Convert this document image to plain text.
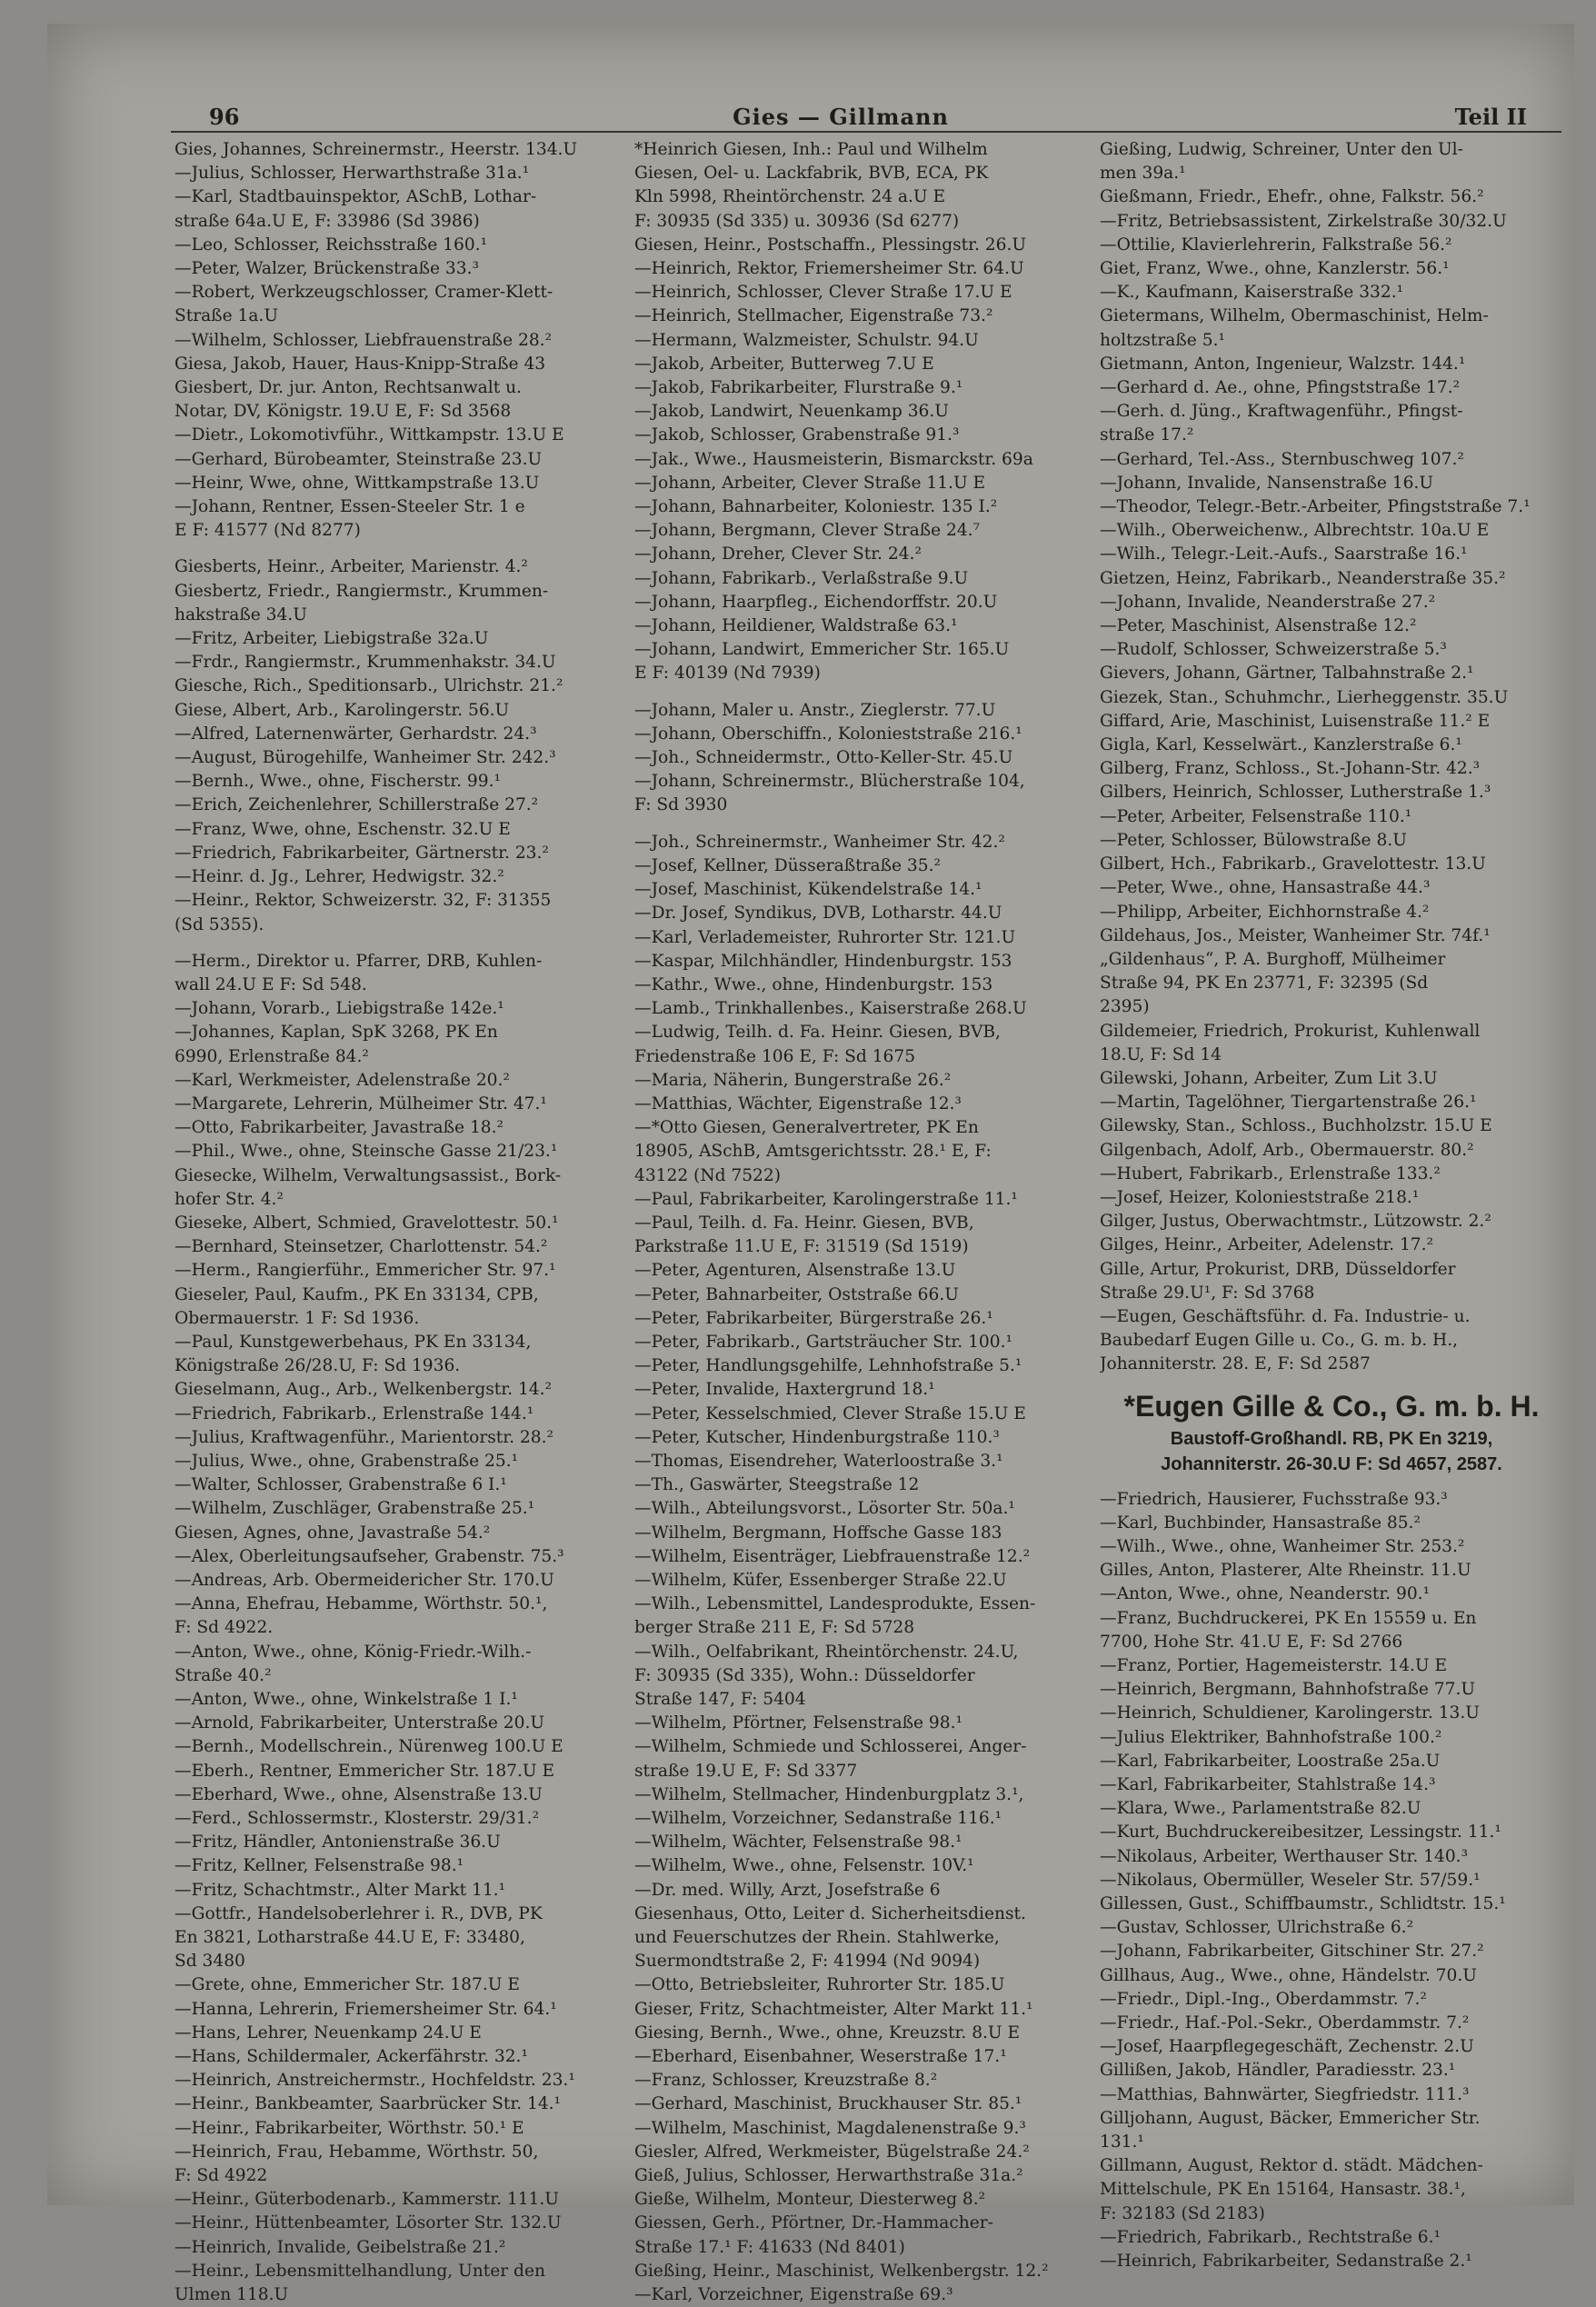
96	Gies — Gillmann	Teil II
Gies, Johannes, Schreinermstr., Heerstr. 134.U
—Julius, Schlosser, Herwarthstraße 31a.¹
—Karl, Stadtbauinspektor, ASchB, Lothar-
straße 64a.U E, F: 33986 (Sd 3986)
—Leo, Schlosser, Reichsstraße 160.¹
—Peter, Walzer, Brückenstraße 33.³
—Robert, Werkzeugschlosser, Cramer-Klett-
Straße 1a.U
—Wilhelm, Schlosser, Liebfrauenstraße 28.²
Giesa, Jakob, Hauer, Haus-Knipp-Straße 43
Giesbert, Dr. jur. Anton, Rechtsanwalt u.
Notar, DV, Königstr. 19.U E, F: Sd 3568
—Dietr., Lokomotivführ., Wittkampstr. 13.U E
—Gerhard, Bürobeamter, Steinstraße 23.U
—Heinr, Wwe, ohne, Wittkampstraße 13.U
—Johann, Rentner, Essen-Steeler Str. 1 e
E F: 41577 (Nd 8277)
Giesberts, Heinr., Arbeiter, Marienstr. 4.²
Giesbertz, Friedr., Rangiermstr., Krummen-
hakstraße 34.U
—Fritz, Arbeiter, Liebigstraße 32a.U
—Frdr., Rangiermstr., Krummenhakstr. 34.U
Giesche, Rich., Speditionsarb., Ulrichstr. 21.²
Giese, Albert, Arb., Karolingerstr. 56.U
—Alfred, Laternenwärter, Gerhardstr. 24.³
—August, Bürogehilfe, Wanheimer Str. 242.³
—Bernh., Wwe., ohne, Fischerstr. 99.¹
—Erich, Zeichenlehrer, Schillerstraße 27.²
—Franz, Wwe, ohne, Eschenstr. 32.U E
—Friedrich, Fabrikarbeiter, Gärtnerstr. 23.²
—Heinr. d. Jg., Lehrer, Hedwigstr. 32.²
—Heinr., Rektor, Schweizerstr. 32, F: 31355
(Sd 5355).
—Herm., Direktor u. Pfarrer, DRB, Kuhlen-
wall 24.U E F: Sd 548.
—Johann, Vorarb., Liebigstraße 142e.¹
—Johannes, Kaplan, SpK 3268, PK En
6990, Erlenstraße 84.²
—Karl, Werkmeister, Adelenstraße 20.²
—Margarete, Lehrerin, Mülheimer Str. 47.¹
—Otto, Fabrikarbeiter, Javastraße 18.²
—Phil., Wwe., ohne, Steinsche Gasse 21/23.¹
Giesecke, Wilhelm, Verwaltungsassist., Bork-
hofer Str. 4.²
Gieseke, Albert, Schmied, Gravelottestr. 50.¹
—Bernhard, Steinsetzer, Charlottenstr. 54.²
—Herm., Rangierführ., Emmericher Str. 97.¹
Gieseler, Paul, Kaufm., PK En 33134, CPB,
Obermauerstr. 1 F: Sd 1936.
—Paul, Kunstgewerbehaus, PK En 33134,
Königstraße 26/28.U, F: Sd 1936.
Gieselmann, Aug., Arb., Welkenbergstr. 14.²
—Friedrich, Fabrikarb., Erlenstraße 144.¹
—Julius, Kraftwagenführ., Marientorstr. 28.²
—Julius, Wwe., ohne, Grabenstraße 25.¹
—Walter, Schlosser, Grabenstraße 6 I.¹
—Wilhelm, Zuschläger, Grabenstraße 25.¹
Giesen, Agnes, ohne, Javastraße 54.²
—Alex, Oberleitungsaufseher, Grabenstr. 75.³
—Andreas, Arb. Obermeidericher Str. 170.U
—Anna, Ehefrau, Hebamme, Wörthstr. 50.¹,
F: Sd 4922.
—Anton, Wwe., ohne, König-Friedr.-Wilh.-
Straße 40.²
—Anton, Wwe., ohne, Winkelstraße 1 I.¹
—Arnold, Fabrikarbeiter, Unterstraße 20.U
—Bernh., Modellschrein., Nürenweg 100.U E
—Eberh., Rentner, Emmericher Str. 187.U E
—Eberhard, Wwe., ohne, Alsenstraße 13.U
—Ferd., Schlossermstr., Klosterstr. 29/31.²
—Fritz, Händler, Antonienstraße 36.U
—Fritz, Kellner, Felsenstraße 98.¹
—Fritz, Schachtmstr., Alter Markt 11.¹
—Gottfr., Handelsoberlehrer i. R., DVB, PK
En 3821, Lotharstraße 44.U E, F: 33480,
Sd 3480
—Grete, ohne, Emmericher Str. 187.U E
—Hanna, Lehrerin, Friemersheimer Str. 64.¹
—Hans, Lehrer, Neuenkamp 24.U E
—Hans, Schildermaler, Ackerfährstr. 32.¹
—Heinrich, Anstreichermstr., Hochfeldstr. 23.¹
—Heinr., Bankbeamter, Saarbrücker Str. 14.¹
—Heinr., Fabrikarbeiter, Wörthstr. 50.¹ E
—Heinrich, Frau, Hebamme, Wörthstr. 50,
F: Sd 4922
—Heinr., Güterbodenarb., Kammerstr. 111.U
—Heinr., Hüttenbeamter, Lösorter Str. 132.U
—Heinrich, Invalide, Geibelstraße 21.²
—Heinr., Lebensmittelhandlung, Unter den
Ulmen 118.U
*Heinrich Giesen, Inh.: Paul und Wilhelm
Giesen, Oel- u. Lackfabrik, BVB, ECA, PK
Kln 5998, Rheintörchenstr. 24 a.U E
F: 30935 (Sd 335) u. 30936 (Sd 6277)
Giesen, Heinr., Postschaffn., Plessingstr. 26.U
—Heinrich, Rektor, Friemersheimer Str. 64.U
—Heinrich, Schlosser, Clever Straße 17.U E
—Heinrich, Stellmacher, Eigenstraße 73.²
—Hermann, Walzmeister, Schulstr. 94.U
—Jakob, Arbeiter, Butterweg 7.U E
—Jakob, Fabrikarbeiter, Flurstraße 9.¹
—Jakob, Landwirt, Neuenkamp 36.U
—Jakob, Schlosser, Grabenstraße 91.³
—Jak., Wwe., Hausmeisterin, Bismarckstr. 69a
—Johann, Arbeiter, Clever Straße 11.U E
—Johann, Bahnarbeiter, Koloniestr. 135 I.²
—Johann, Bergmann, Clever Straße 24.⁷
—Johann, Dreher, Clever Str. 24.²
—Johann, Fabrikarb., Verlaßstraße 9.U
—Johann, Haarpfleg., Eichendorffstr. 20.U
—Johann, Heildiener, Waldstraße 63.¹
—Johann, Landwirt, Emmericher Str. 165.U
E F: 40139 (Nd 7939)
—Johann, Maler u. Anstr., Zieglerstr. 77.U
—Johann, Oberschiffn., Kolonieststraße 216.¹
—Joh., Schneidermstr., Otto-Keller-Str. 45.U
—Johann, Schreinermstr., Blücherstraße 104,
F: Sd 3930
—Joh., Schreinermstr., Wanheimer Str. 42.²
—Josef, Kellner, Düsseraßtraße 35.²
—Josef, Maschinist, Kükendelstraße 14.¹
—Dr. Josef, Syndikus, DVB, Lotharstr. 44.U
—Karl, Verlademeister, Ruhrorter Str. 121.U
—Kaspar, Milchhändler, Hindenburgstr. 153
—Kathr., Wwe., ohne, Hindenburgstr. 153
—Lamb., Trinkhallenbes., Kaiserstraße 268.U
—Ludwig, Teilh. d. Fa. Heinr. Giesen, BVB,
Friedenstraße 106 E, F: Sd 1675
—Maria, Näherin, Bungerstraße 26.²
—Matthias, Wächter, Eigenstraße 12.³
—*Otto Giesen, Generalvertreter, PK En
18905, ASchB, Amtsgerichtsstr. 28.¹ E, F:
43122 (Nd 7522)
—Paul, Fabrikarbeiter, Karolingerstraße 11.¹
—Paul, Teilh. d. Fa. Heinr. Giesen, BVB,
Parkstraße 11.U E, F: 31519 (Sd 1519)
—Peter, Agenturen, Alsenstraße 13.U
—Peter, Bahnarbeiter, Oststraße 66.U
—Peter, Fabrikarbeiter, Bürgerstraße 26.¹
—Peter, Fabrikarb., Gartsträucher Str. 100.¹
—Peter, Handlungsgehilfe, Lehnhofstraße 5.¹
—Peter, Invalide, Haxtergrund 18.¹
—Peter, Kesselschmied, Clever Straße 15.U E
—Peter, Kutscher, Hindenburgstraße 110.³
—Thomas, Eisendreher, Waterloostraße 3.¹
—Th., Gaswärter, Steegstraße 12
—Wilh., Abteilungsvorst., Lösorter Str. 50a.¹
—Wilhelm, Bergmann, Hoffsche Gasse 183
—Wilhelm, Eisenträger, Liebfrauenstraße 12.²
—Wilhelm, Küfer, Essenberger Straße 22.U
—Wilh., Lebensmittel, Landesprodukte, Essen-
berger Straße 211 E, F: Sd 5728
—Wilh., Oelfabrikant, Rheintörchenstr. 24.U,
F: 30935 (Sd 335), Wohn.: Düsseldorfer
Straße 147, F: 5404
—Wilhelm, Pförtner, Felsenstraße 98.¹
—Wilhelm, Schmiede und Schlosserei, Anger-
straße 19.U E, F: Sd 3377
—Wilhelm, Stellmacher, Hindenburgplatz 3.¹,
—Wilhelm, Vorzeichner, Sedanstraße 116.¹
—Wilhelm, Wächter, Felsenstraße 98.¹
—Wilhelm, Wwe., ohne, Felsenstr. 10V.¹
—Dr. med. Willy, Arzt, Josefstraße 6
Giesenhaus, Otto, Leiter d. Sicherheitsdienst.
und Feuerschutzes der Rhein. Stahlwerke,
Suermondtstraße 2, F: 41994 (Nd 9094)
—Otto, Betriebsleiter, Ruhrorter Str. 185.U
Gieser, Fritz, Schachtmeister, Alter Markt 11.¹
Giesing, Bernh., Wwe., ohne, Kreuzstr. 8.U E
—Eberhard, Eisenbahner, Weserstraße 17.¹
—Franz, Schlosser, Kreuzstraße 8.²
—Gerhard, Maschinist, Bruckhauser Str. 85.¹
—Wilhelm, Maschinist, Magdalenenstraße 9.³
Giesler, Alfred, Werkmeister, Bügelstraße 24.²
Gieß, Julius, Schlosser, Herwarthstraße 31a.²
Gieße, Wilhelm, Monteur, Diesterweg 8.²
Giessen, Gerh., Pförtner, Dr.-Hammacher-
Straße 17.¹ F: 41633 (Nd 8401)
Gießing, Heinr., Maschinist, Welkenbergstr. 12.²
—Karl, Vorzeichner, Eigenstraße 69.³
Gießing, Ludwig, Schreiner, Unter den Ul-
men 39a.¹
Gießmann, Friedr., Ehefr., ohne, Falkstr. 56.²
—Fritz, Betriebsassistent, Zirkelstraße 30/32.U
—Ottilie, Klavierlehrerin, Falkstraße 56.²
Giet, Franz, Wwe., ohne, Kanzlerstr. 56.¹
—K., Kaufmann, Kaiserstraße 332.¹
Gietermans, Wilhelm, Obermaschinist, Helm-
holtzstraße 5.¹
Gietmann, Anton, Ingenieur, Walzstr. 144.¹
—Gerhard d. Ae., ohne, Pfingststraße 17.²
—Gerh. d. Jüng., Kraftwagenführ., Pfingst-
straße 17.²
—Gerhard, Tel.-Ass., Sternbuschweg 107.²
—Johann, Invalide, Nansenstraße 16.U
—Theodor, Telegr.-Betr.-Arbeiter, Pfingststraße 7.¹
—Wilh., Oberweichenw., Albrechtstr. 10a.U E
—Wilh., Telegr.-Leit.-Aufs., Saarstraße 16.¹
Gietzen, Heinz, Fabrikarb., Neanderstraße 35.²
—Johann, Invalide, Neanderstraße 27.²
—Peter, Maschinist, Alsenstraße 12.²
—Rudolf, Schlosser, Schweizerstraße 5.³
Gievers, Johann, Gärtner, Talbahnstraße 2.¹
Giezek, Stan., Schuhmchr., Lierheggenstr. 35.U
Giffard, Arie, Maschinist, Luisenstraße 11.² E
Gigla, Karl, Kesselwärt., Kanzlerstraße 6.¹
Gilberg, Franz, Schloss., St.-Johann-Str. 42.³
Gilbers, Heinrich, Schlosser, Lutherstraße 1.³
—Peter, Arbeiter, Felsenstraße 110.¹
—Peter, Schlosser, Bülowstraße 8.U
Gilbert, Hch., Fabrikarb., Gravelottestr. 13.U
—Peter, Wwe., ohne, Hansastraße 44.³
—Philipp, Arbeiter, Eichhornstraße 4.²
Gildehaus, Jos., Meister, Wanheimer Str. 74f.¹
„Gildenhaus“, P. A. Burghoff, Mülheimer
Straße 94, PK En 23771, F: 32395 (Sd
2395)
Gildemeier, Friedrich, Prokurist, Kuhlenwall
18.U, F: Sd 14
Gilewski, Johann, Arbeiter, Zum Lit 3.U
—Martin, Tagelöhner, Tiergartenstraße 26.¹
Gilewsky, Stan., Schloss., Buchholzstr. 15.U E
Gilgenbach, Adolf, Arb., Obermauerstr. 80.²
—Hubert, Fabrikarb., Erlenstraße 133.²
—Josef, Heizer, Kolonieststraße 218.¹
Gilger, Justus, Oberwachtmstr., Lützowstr. 2.²
Gilges, Heinr., Arbeiter, Adelenstr. 17.²
Gille, Artur, Prokurist, DRB, Düsseldorfer
Straße 29.U¹, F: Sd 3768
—Eugen, Geschäftsführ. d. Fa. Industrie- u.
Baubedarf Eugen Gille u. Co., G. m. b. H.,
Johanniterstr. 28. E, F: Sd 2587
*Eugen Gille & Co., G. m. b. H.
Baustoff-Großhandl. RB, PK En 3219,
Johanniterstr. 26-30.U F: Sd 4657, 2587.
—Friedrich, Hausierer, Fuchsstraße 93.³
—Karl, Buchbinder, Hansastraße 85.²
—Wilh., Wwe., ohne, Wanheimer Str. 253.²
Gilles, Anton, Plasterer, Alte Rheinstr. 11.U
—Anton, Wwe., ohne, Neanderstr. 90.¹
—Franz, Buchdruckerei, PK En 15559 u. En
7700, Hohe Str. 41.U E, F: Sd 2766
—Franz, Portier, Hagemeisterstr. 14.U E
—Heinrich, Bergmann, Bahnhofstraße 77.U
—Heinrich, Schuldiener, Karolingerstr. 13.U
—Julius Elektriker, Bahnhofstraße 100.²
—Karl, Fabrikarbeiter, Loostraße 25a.U
—Karl, Fabrikarbeiter, Stahlstraße 14.³
—Klara, Wwe., Parlamentstraße 82.U
—Kurt, Buchdruckereibesitzer, Lessingstr. 11.¹
—Nikolaus, Arbeiter, Werthauser Str. 140.³
—Nikolaus, Obermüller, Weseler Str. 57/59.¹
Gillessen, Gust., Schiffbaumstr., Schlidtstr. 15.¹
—Gustav, Schlosser, Ulrichstraße 6.²
—Johann, Fabrikarbeiter, Gitschiner Str. 27.²
Gillhaus, Aug., Wwe., ohne, Händelstr. 70.U
—Friedr., Dipl.-Ing., Oberdammstr. 7.²
—Friedr., Haf.-Pol.-Sekr., Oberdammstr. 7.²
—Josef, Haarpflegegeschäft, Zechenstr. 2.U
Gillißen, Jakob, Händler, Paradiesstr. 23.¹
—Matthias, Bahnwärter, Siegfriedstr. 111.³
Gilljohann, August, Bäcker, Emmericher Str.
131.¹
Gillmann, August, Rektor d. städt. Mädchen-
Mittelschule, PK En 15164, Hansastr. 38.¹,
F: 32183 (Sd 2183)
—Friedrich, Fabrikarb., Rechtstraße 6.¹
—Heinrich, Fabrikarbeiter, Sedanstraße 2.¹
